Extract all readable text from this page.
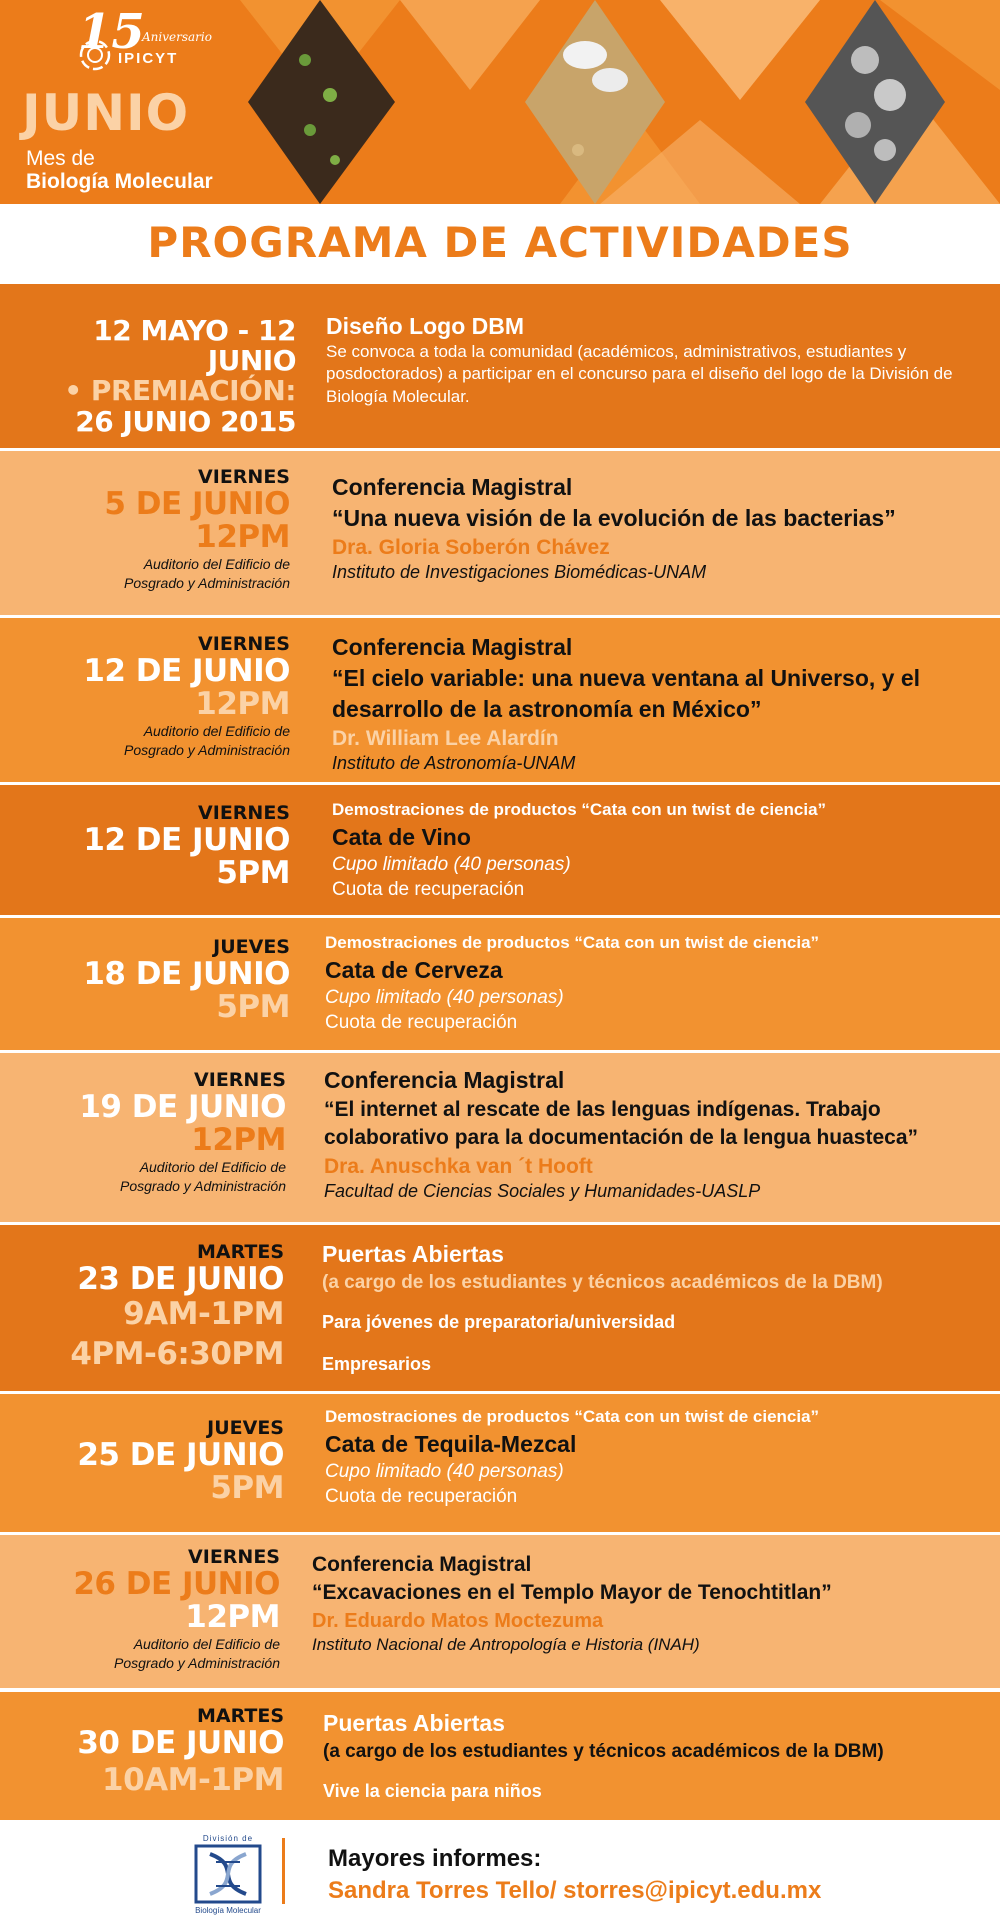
15
Aniversario
IPICYT
JUNIO
Mes de
Biología Molecular
PROGRAMA DE ACTIVIDADES
12 MAYO - 12 JUNIO
• PREMIACIÓN:
26 JUNIO 2015
Diseño Logo DBM
Se convoca a toda la comunidad (académicos, administrativos, estudiantes y posdoctorados) a participar en el concurso para el diseño del logo de la División de Biología Molecular.
VIERNES
5 DE JUNIO
12PM
Auditorio del Edificio de Posgrado y Administración
Conferencia Magistral
“Una nueva visión de la evolución de las bacterias”
Dra. Gloria Soberón Chávez
Instituto de Investigaciones Biomédicas-UNAM
VIERNES
12 DE JUNIO
12PM
Auditorio del Edificio de Posgrado y Administración
Conferencia Magistral
“El cielo variable: una nueva ventana al Universo, y el desarrollo de la astronomía en México”
Dr. William Lee Alardín
Instituto de Astronomía-UNAM
VIERNES
12 DE JUNIO
5PM
Demostraciones de productos “Cata con un twist de ciencia”
Cata de Vino
Cupo limitado (40 personas)
Cuota de recuperación
JUEVES
18 DE JUNIO
5PM
Demostraciones de productos “Cata con un twist de ciencia”
Cata de Cerveza
Cupo limitado (40 personas)
Cuota de recuperación
VIERNES
19 DE JUNIO
12PM
Auditorio del Edificio de Posgrado y Administración
Conferencia Magistral
“El internet al rescate de las lenguas indígenas. Trabajo colaborativo para la documentación de la lengua huasteca”
Dra. Anuschka van ´t Hooft
Facultad de Ciencias Sociales y Humanidades-UASLP
MARTES
23 DE JUNIO
9AM-1PM
4PM-6:30PM
Puertas Abiertas
(a cargo de los estudiantes y técnicos académicos de la DBM)
Para jóvenes de preparatoria/universidad
Empresarios
JUEVES
25 DE JUNIO
5PM
Demostraciones de productos “Cata con un twist de ciencia”
Cata de Tequila-Mezcal
Cupo limitado (40 personas)
Cuota de recuperación
VIERNES
26 DE JUNIO
12PM
Auditorio del Edificio de Posgrado y Administración
Conferencia Magistral
“Excavaciones en el Templo Mayor de Tenochtitlan”
Dr. Eduardo Matos Moctezuma
Instituto Nacional de Antropología e Historia (INAH)
MARTES
30 DE JUNIO
10AM-1PM
Puertas Abiertas
(a cargo de los estudiantes y técnicos académicos de la DBM)
Vive la ciencia para niños
División de
Biología Molecular
Mayores informes:
Sandra Torres Tello/ storres@ipicyt.edu.mx
